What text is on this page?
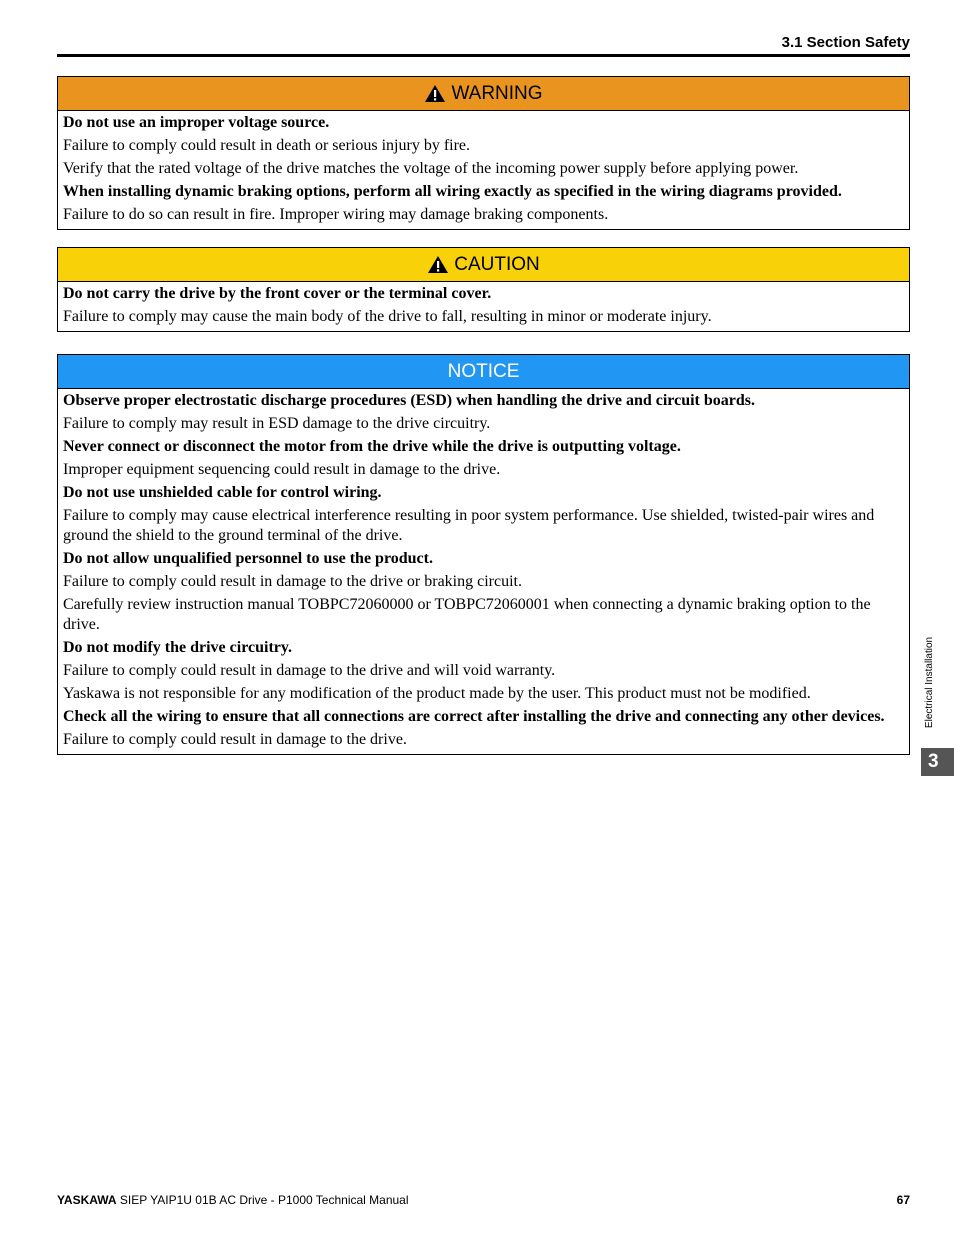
3.1 Section Safety
WARNING

Do not use an improper voltage source.

Failure to comply could result in death or serious injury by fire.

Verify that the rated voltage of the drive matches the voltage of the incoming power supply before applying power.

When installing dynamic braking options, perform all wiring exactly as specified in the wiring diagrams provided.

Failure to do so can result in fire. Improper wiring may damage braking components.

CAUTION

Do not carry the drive by the front cover or the terminal cover.

Failure to comply may cause the main body of the drive to fall, resulting in minor or moderate injury.

NOTICE

Observe proper electrostatic discharge procedures (ESD) when handling the drive and circuit boards.

Failure to comply may result in ESD damage to the drive circuitry.

Never connect or disconnect the motor from the drive while the drive is outputting voltage.

Improper equipment sequencing could result in damage to the drive.

Do not use unshielded cable for control wiring.

Failure to comply may cause electrical interference resulting in poor system performance. Use shielded, twisted-pair wires and ground the shield to the ground terminal of the drive.

Do not allow unqualified personnel to use the product.

Failure to comply could result in damage to the drive or braking circuit.

Carefully review instruction manual TOBPC72060000 or TOBPC72060001 when connecting a dynamic braking option to the drive.

Do not modify the drive circuitry.

Failure to comply could result in damage to the drive and will void warranty.

Yaskawa is not responsible for any modification of the product made by the user. This product must not be modified.

Check all the wiring to ensure that all connections are correct after installing the drive and connecting any other devices.

Failure to comply could result in damage to the drive.

Electrical Installation
3
YASKAWA SIEP YAIP1U 01B AC Drive - P1000 Technical Manual	67
